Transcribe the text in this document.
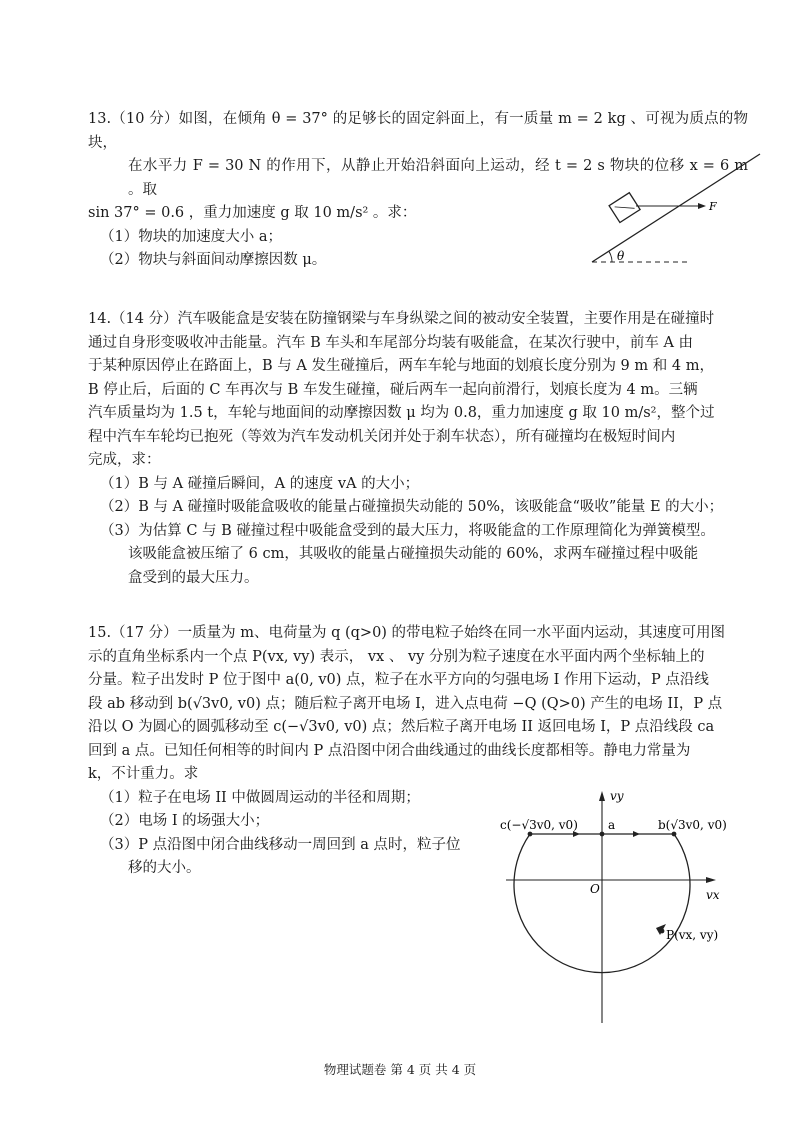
13.（10 分）如图，在倾角 θ = 37° 的足够长的固定斜面上，有一质量 m = 2 kg 、可视为质点的物块，

在水平力 F = 30 N 的作用下，从静止开始沿斜面向上运动，经 t = 2 s 物块的位移 x = 6 m 。取

sin 37° = 0.6 ，重力加速度 g 取 10 m/s² 。求：

（1）物块的加速度大小 a；

（2）物块与斜面间动摩擦因数 μ。	θ
F

14.（14 分）汽车吸能盒是安装在防撞钢梁与车身纵梁之间的被动安全装置，主要作用是在碰撞时

通过自身形变吸收冲击能量。汽车 B 车头和车尾部分均装有吸能盒，在某次行驶中，前车 A 由

于某种原因停止在路面上，B 与 A 发生碰撞后，两车车轮与地面的划痕长度分别为 9 m 和 4 m，

B 停止后，后面的 C 车再次与 B 车发生碰撞，碰后两车一起向前滑行，划痕长度为 4 m。三辆

汽车质量均为 1.5 t，车轮与地面间的动摩擦因数 μ 均为 0.8，重力加速度 g 取 10 m/s²，整个过

程中汽车车轮均已抱死（等效为汽车发动机关闭并处于刹车状态），所有碰撞均在极短时间内

完成，求：

（1）B 与 A 碰撞后瞬间，A 的速度 vA 的大小；

（2）B 与 A 碰撞时吸能盒吸收的能量占碰撞损失动能的 50%，该吸能盒“吸收”能量 E 的大小；

（3）为估算 C 与 B 碰撞过程中吸能盒受到的最大压力，将吸能盒的工作原理简化为弹簧模型。

该吸能盒被压缩了 6 cm，其吸收的能量占碰撞损失动能的 60%，求两车碰撞过程中吸能

盒受到的最大压力。

15.（17 分）一质量为 m、电荷量为 q (q>0) 的带电粒子始终在同一水平面内运动，其速度可用图

示的直角坐标系内一个点 P(vx, vy) 表示， vx 、 vy 分别为粒子速度在水平面内两个坐标轴上的

分量。粒子出发时 P 位于图中 a(0, v0) 点，粒子在水平方向的匀强电场 I 作用下运动，P 点沿线

段 ab 移动到 b(√3v0, v0) 点；随后粒子离开电场 I，进入点电荷 −Q (Q>0) 产生的电场 II，P 点

沿以 O 为圆心的圆弧移动至 c(−√3v0, v0) 点；然后粒子离开电场 II 返回电场 I，P 点沿线段 ca

回到 a 点。已知任何相等的时间内 P 点沿图中闭合曲线通过的曲线长度都相等。静电力常量为

k，不计重力。求

（1）粒子在电场 II 中做圆周运动的半径和周期；

（2）电场 I 的场强大小；

（3）P 点沿图中闭合曲线移动一周回到 a 点时，粒子位

移的大小。

vy
vx
O
a	b(√3v0, v0)
c(−√3v0, v0)
P(vx, vy)
物理试题卷 第 4 页 共 4 页
